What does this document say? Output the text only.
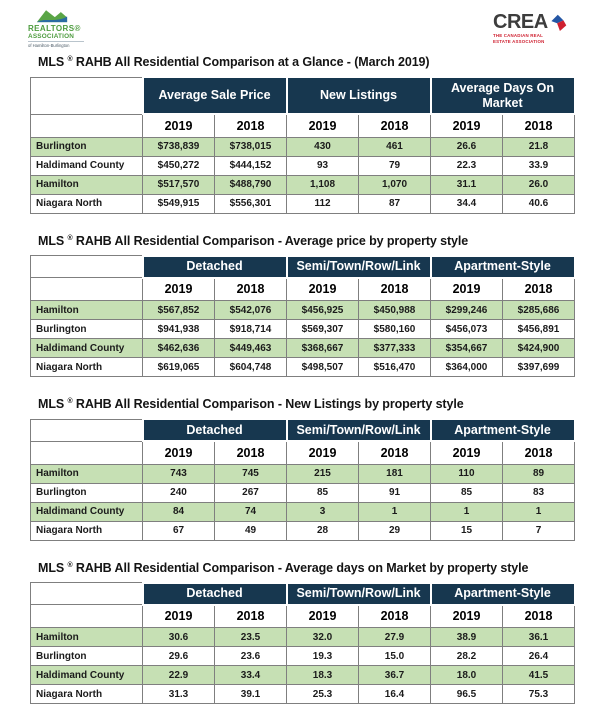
REALTORS®
ASSOCIATION
of Hamilton-Burlington
CREA
THE CANADIAN REAL
ESTATE ASSOCIATION
MLS ® RAHB All Residential Comparison at a Glance - (March 2019)
	Average Sale Price		New Listings		Average Days On Market	
	2019	2018	2019	2018	2019	2018
Burlington	$738,839	$738,015	430	461	26.6	21.8
Haldimand County	$450,272	$444,152	93	79	22.3	33.9
Hamilton	$517,570	$488,790	1,108	1,070	31.1	26.0
Niagara North	$549,915	$556,301	112	87	34.4	40.6
MLS ® RAHB All Residential Comparison - Average price by property style
	Detached		Semi/Town/Row/Link		Apartment-Style	
	2019	2018	2019	2018	2019	2018
Hamilton	$567,852	$542,076	$456,925	$450,988	$299,246	$285,686
Burlington	$941,938	$918,714	$569,307	$580,160	$456,073	$456,891
Haldimand County	$462,636	$449,463	$368,667	$377,333	$354,667	$424,900
Niagara North	$619,065	$604,748	$498,507	$516,470	$364,000	$397,699
MLS ® RAHB All Residential Comparison - New Listings by property style
	Detached		Semi/Town/Row/Link		Apartment-Style	
	2019	2018	2019	2018	2019	2018
Hamilton	743	745	215	181	110	89
Burlington	240	267	85	91	85	83
Haldimand County	84	74	3	1	1	1
Niagara North	67	49	28	29	15	7
MLS ® RAHB All Residential Comparison - Average days on Market by property style
	Detached		Semi/Town/Row/Link		Apartment-Style	
	2019	2018	2019	2018	2019	2018
Hamilton	30.6	23.5	32.0	27.9	38.9	36.1
Burlington	29.6	23.6	19.3	15.0	28.2	26.4
Haldimand County	22.9	33.4	18.3	36.7	18.0	41.5
Niagara North	31.3	39.1	25.3	16.4	96.5	75.3
